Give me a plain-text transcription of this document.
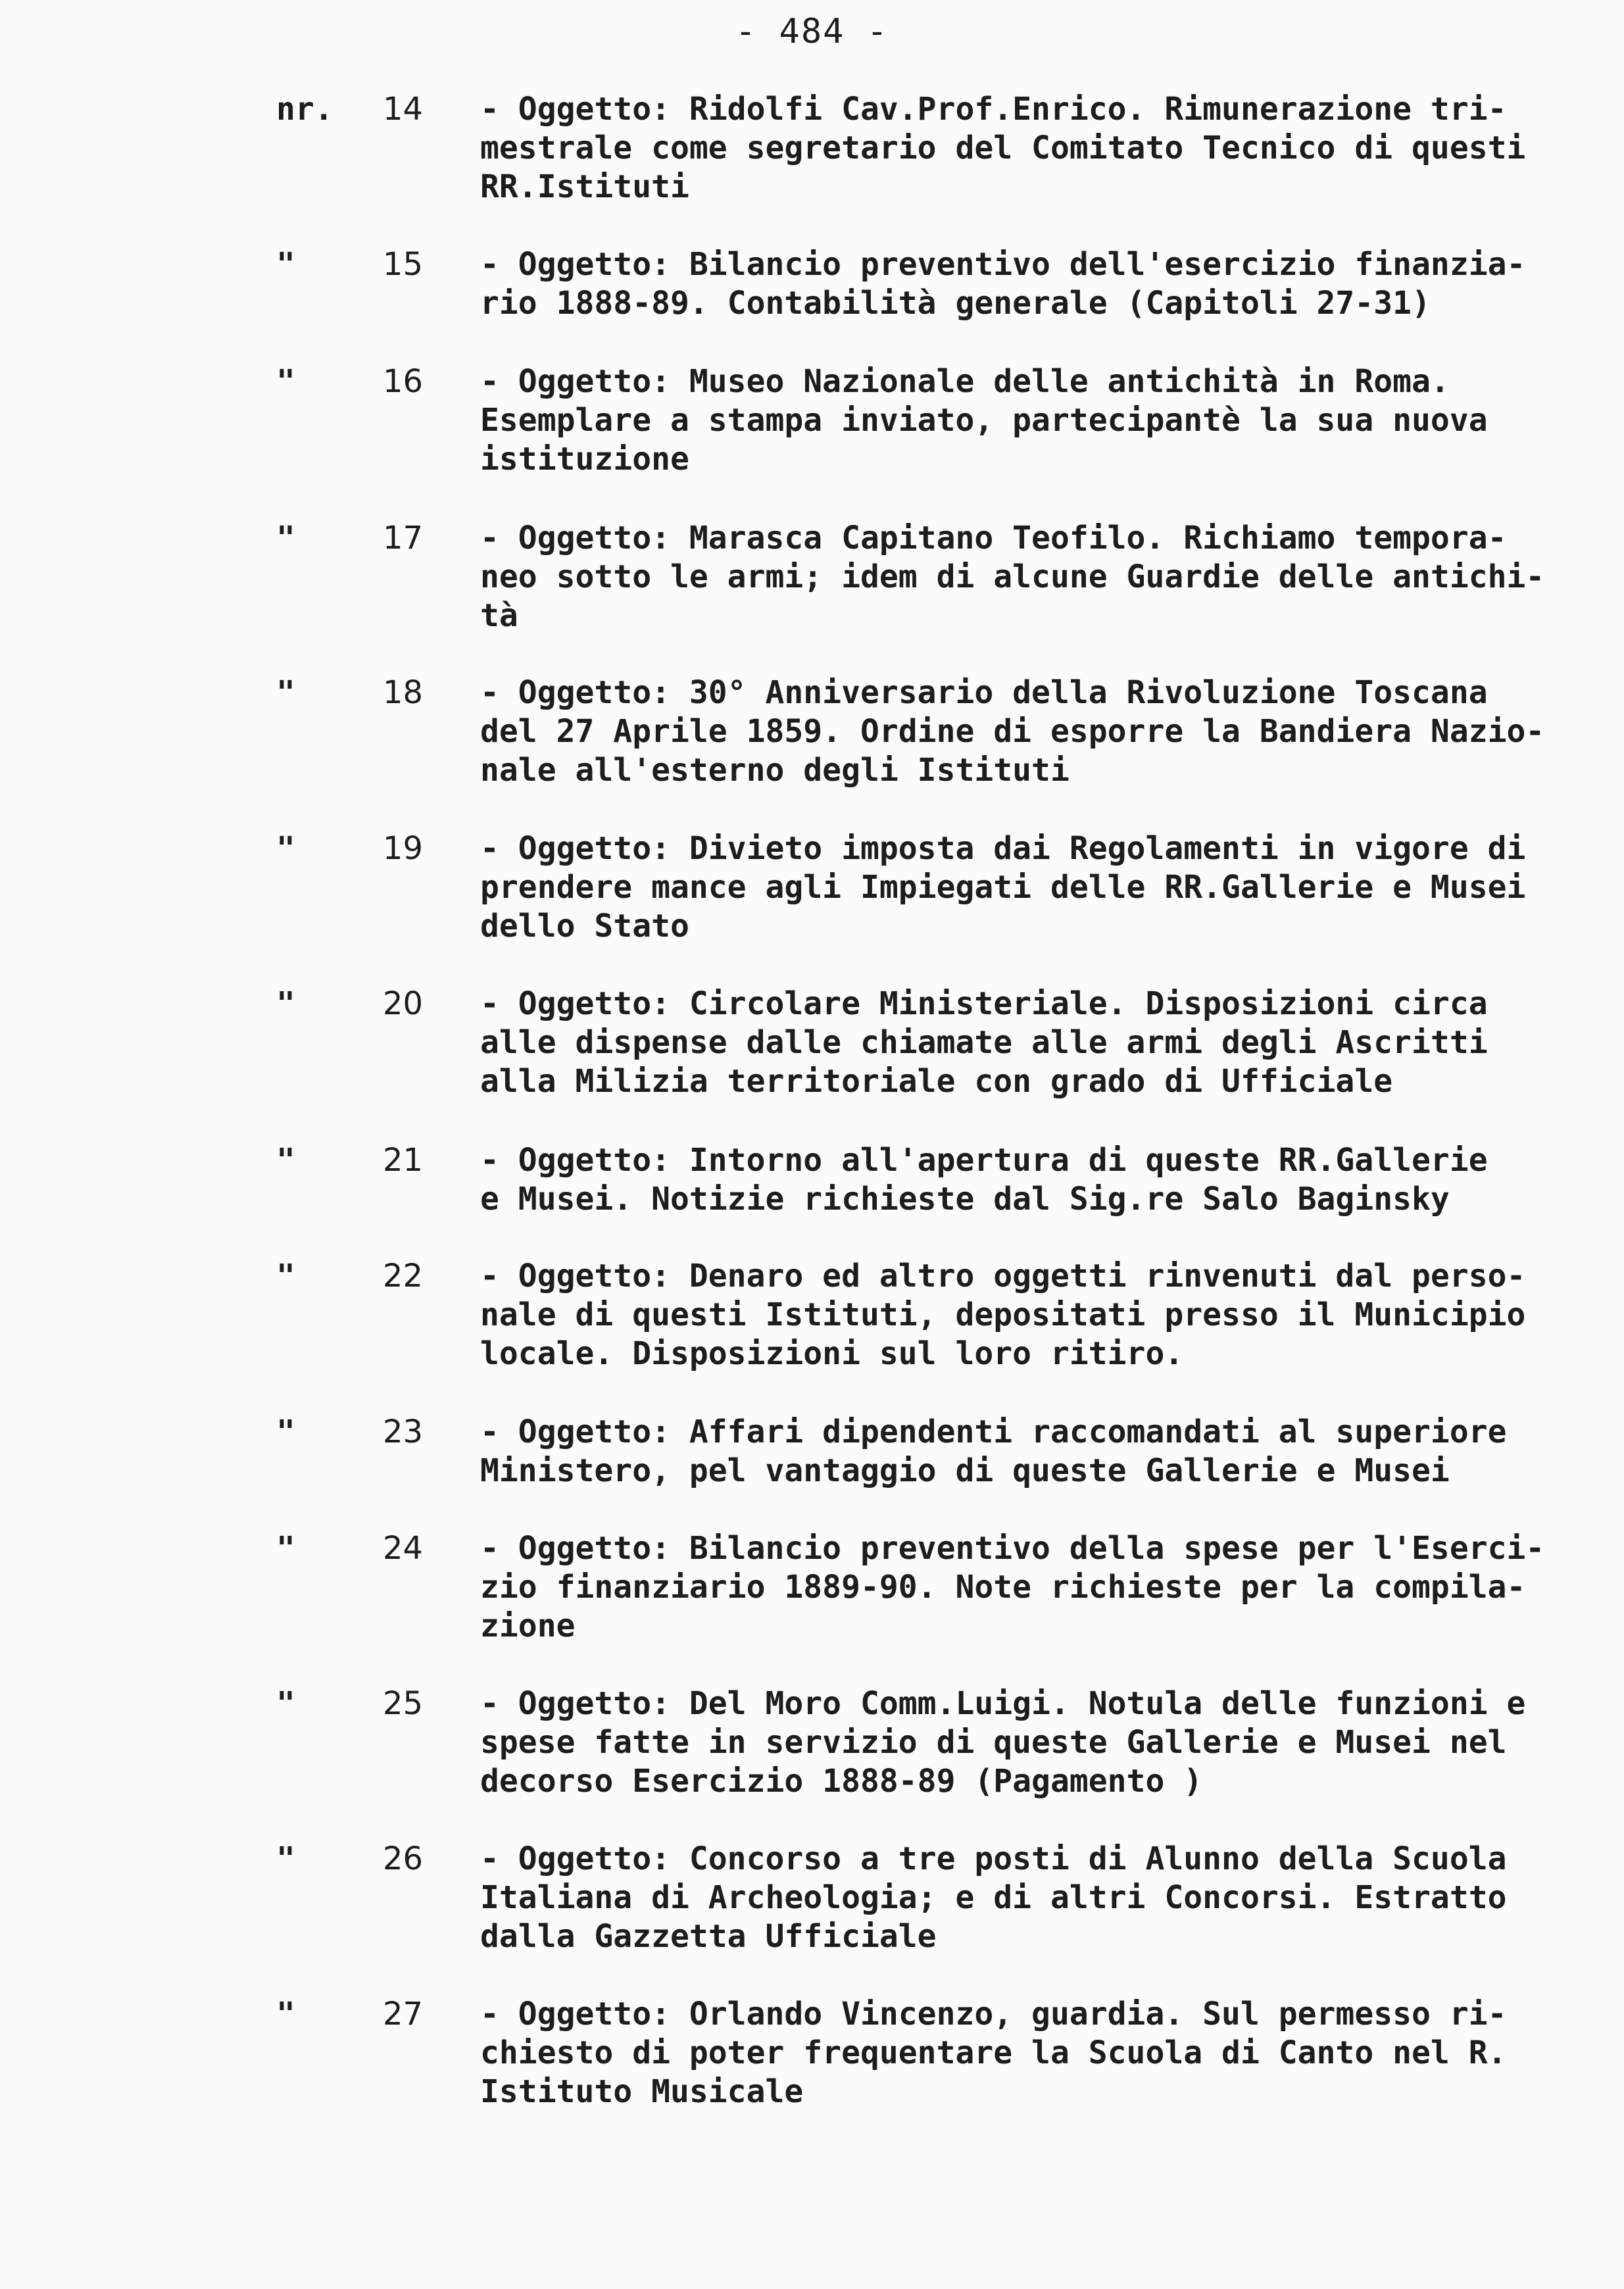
- 484 -
nr. 14 - Oggetto: Ridolfi Cav.Prof.Enrico. Rimunerazione tri-
mestrale come segretario del Comitato Tecnico di questi
RR.Istituti
"	15 - Oggetto: Bilancio preventivo dell'esercizio finanzia-
rio 1888-89. Contabilità generale (Capitoli 27-31)
"	16 - Oggetto: Museo Nazionale delle antichità in Roma.
Esemplare a stampa inviato, partecipantè la sua nuova
istituzione
"	17 - Oggetto: Marasca Capitano Teofilo. Richiamo tempora-
neo sotto le armi; idem di alcune Guardie delle antichi-
tà
"	18 - Oggetto: 30° Anniversario della Rivoluzione Toscana
del 27 Aprile 1859. Ordine di esporre la Bandiera Nazio-
nale all'esterno degli Istituti
"	19 - Oggetto: Divieto imposta dai Regolamenti in vigore di
prendere mance agli Impiegati delle RR.Gallerie e Musei
dello Stato
"	20 - Oggetto: Circolare Ministeriale. Disposizioni circa
alle dispense dalle chiamate alle armi degli Ascritti
alla Milizia territoriale con grado di Ufficiale
"	21 - Oggetto: Intorno all'apertura di queste RR.Gallerie
e Musei. Notizie richieste dal Sig.re Salo Baginsky
"	22 - Oggetto: Denaro ed altro oggetti rinvenuti dal perso-
nale di questi Istituti, depositati presso il Municipio
locale. Disposizioni sul loro ritiro.
"	23 - Oggetto: Affari dipendenti raccomandati al superiore
Ministero, pel vantaggio di queste Gallerie e Musei
"	24 - Oggetto: Bilancio preventivo della spese per l'Eserci-
zio finanziario 1889-90. Note richieste per la compila-
zione
"	25 - Oggetto: Del Moro Comm.Luigi. Notula delle funzioni e
spese fatte in servizio di queste Gallerie e Musei nel
decorso Esercizio 1888-89 (Pagamento )
"	26 - Oggetto: Concorso a tre posti di Alunno della Scuola
Italiana di Archeologia; e di altri Concorsi. Estratto
dalla Gazzetta Ufficiale
"	27 - Oggetto: Orlando Vincenzo, guardia. Sul permesso ri-
chiesto di poter frequentare la Scuola di Canto nel R.
Istituto Musicale
